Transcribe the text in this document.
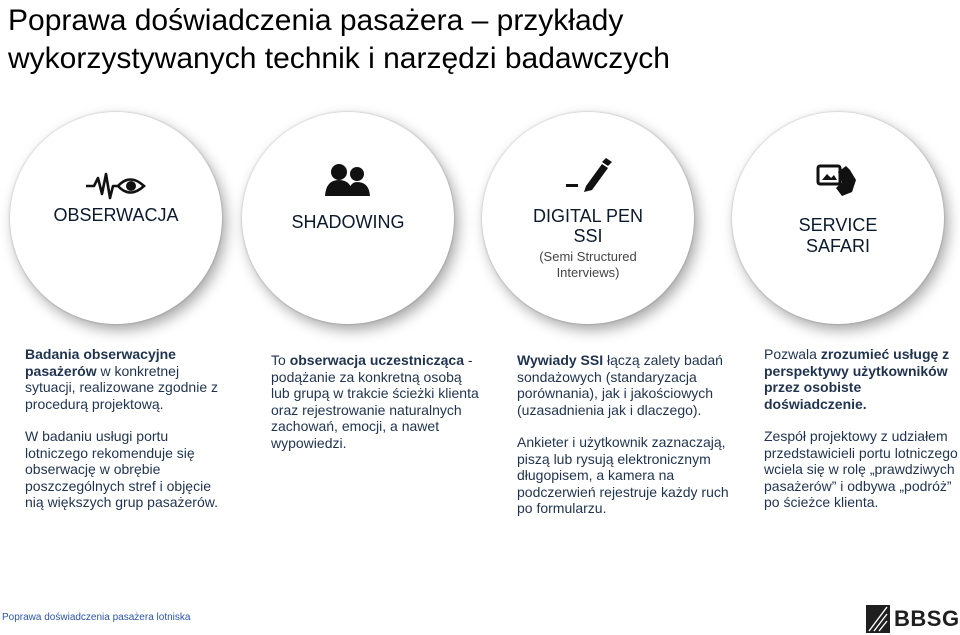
Poprawa doświadczenia pasażera – przykłady
wykorzystywanych technik i narzędzi badawczych
OBSERWACJA	SHADOWING	DIGITAL PEN
SSI
(Semi Structured
Interviews)
SERVICE
SAFARI

Badania obserwacyjne pasażerów w konkretnej sytuacji, realizowane zgodnie z procedurą projektową.

W badaniu usługi portu lotniczego rekomenduje się obserwację w obrębie poszczególnych stref i objęcie nią większych grup pasażerów.

To obserwacja uczestnicząca - podążanie za konkretną osobą lub grupą w trakcie ścieżki klienta oraz rejestrowanie naturalnych zachowań, emocji, a nawet wypowiedzi.

Wywiady SSI łączą zalety badań sondażowych (standaryzacja porównania), jak i jakościowych (uzasadnienia jak i dlaczego).

Ankieter i użytkownik zaznaczają, piszą lub rysują elektronicznym długopisem, a kamera na podczerwień rejestruje każdy ruch po formularzu.

Pozwala zrozumieć usługę z perspektywy użytkowników przez osobiste doświadczenie.

Zespół projektowy z udziałem przedstawicieli portu lotniczego wciela się w rolę „prawdziwych pasażerów” i odbywa „podróż” po ścieżce klienta.

Poprawa doświadczenia pasażera lotniska	BBSG
